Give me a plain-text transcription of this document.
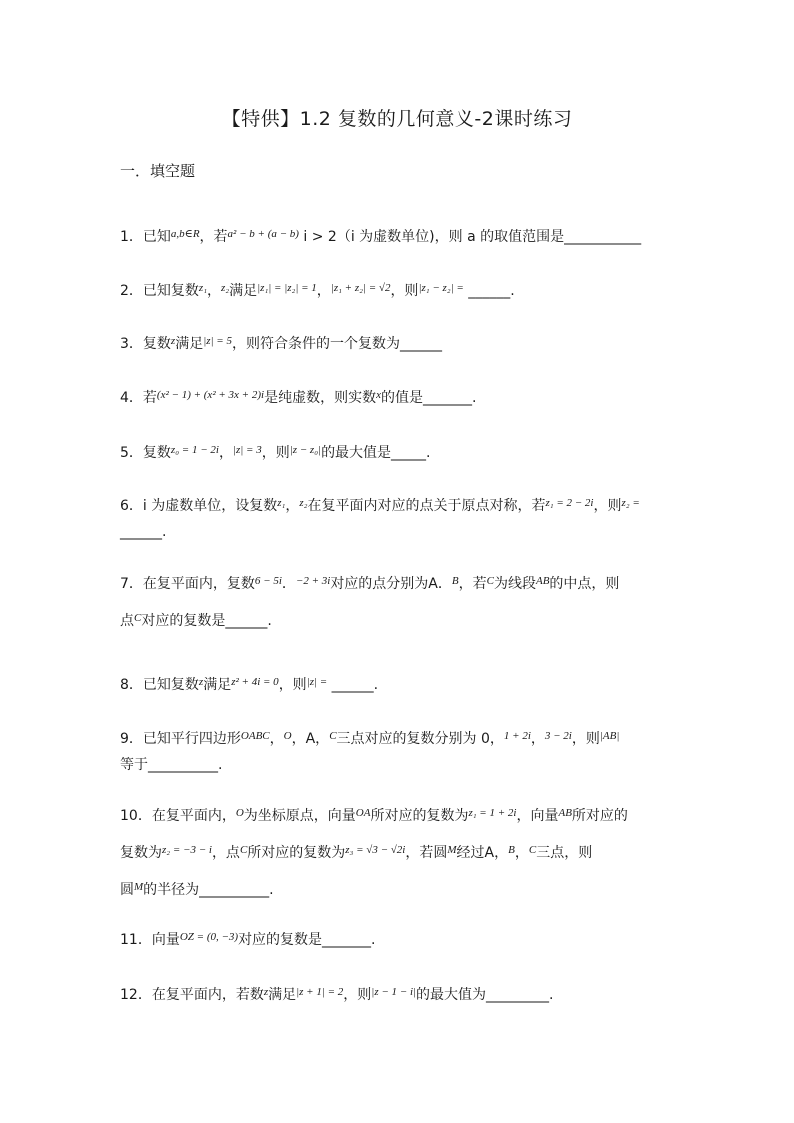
【特供】1.2 复数的几何意义-2课时练习
一．填空题
1．已知$^{a,b\in R}$，若$^{a^2 - b + (a - b)}$ i > 2（i 为虚数单位)，则 a 的取值范围是___________
2．已知复数$^{z_1}$，$^{z_2}$满足$^{|z_1| = |z_2| = 1}$，$^{|z_1 + z_2| = √2}$，则$^{|z_1 - z_2| =}$ ______.
3．复数$^z$满足$^{|z| = 5}$，则符合条件的一个复数为______
4．若$^{(x^2 - 1) + (x^2 + 3x + 2)i}$是纯虚数，则实数$^x$的值是_______.
5．复数$^{z_0 = 1 - 2i}$，$^{|z| = 3}$，则$^{|z - z_0|}$的最大值是_____.
6．i 为虚数单位，设复数$^{z_1}$，$^{z_2}$在复平面内对应的点关于原点对称，若$^{z_1 = 2 - 2i}$，则$^{z_2 =}$
______.
7．在复平面内，复数$^{6 - 5i}$．$^{-2 + 3i}$对应的点分别为A．$^B$，若$^C$为线段$^{AB}$的中点，则
点$^C$对应的复数是______.
8．已知复数$^z$满足$^{z^2 + 4i = 0}$，则$^{|z| =}$ ______.
9．已知平行四边形$^{OABC}$，$^O$，A，$^C$三点对应的复数分别为 0，$^{1 + 2i}$，$^{3 - 2i}$，则$^{|AB|}$
等于__________.
10．在复平面内，$^O$为坐标原点，向量$^{OA}$所对应的复数为$^{z_1 = 1 + 2i}$，向量$^{AB}$所对应的
复数为$^{z_2 = -3 - i}$，点$^C$所对应的复数为$^{z_3 = √3 - √2i}$，若圆$^M$经过A，$^B$，$^C$三点，则
圆$^M$的半径为__________.
11．向量$^{OZ = (0, -3)}$对应的复数是_______.
12．在复平面内，若数$^z$满足$^{|z + 1| = 2}$，则$^{|z - 1 - i|}$的最大值为_________.
